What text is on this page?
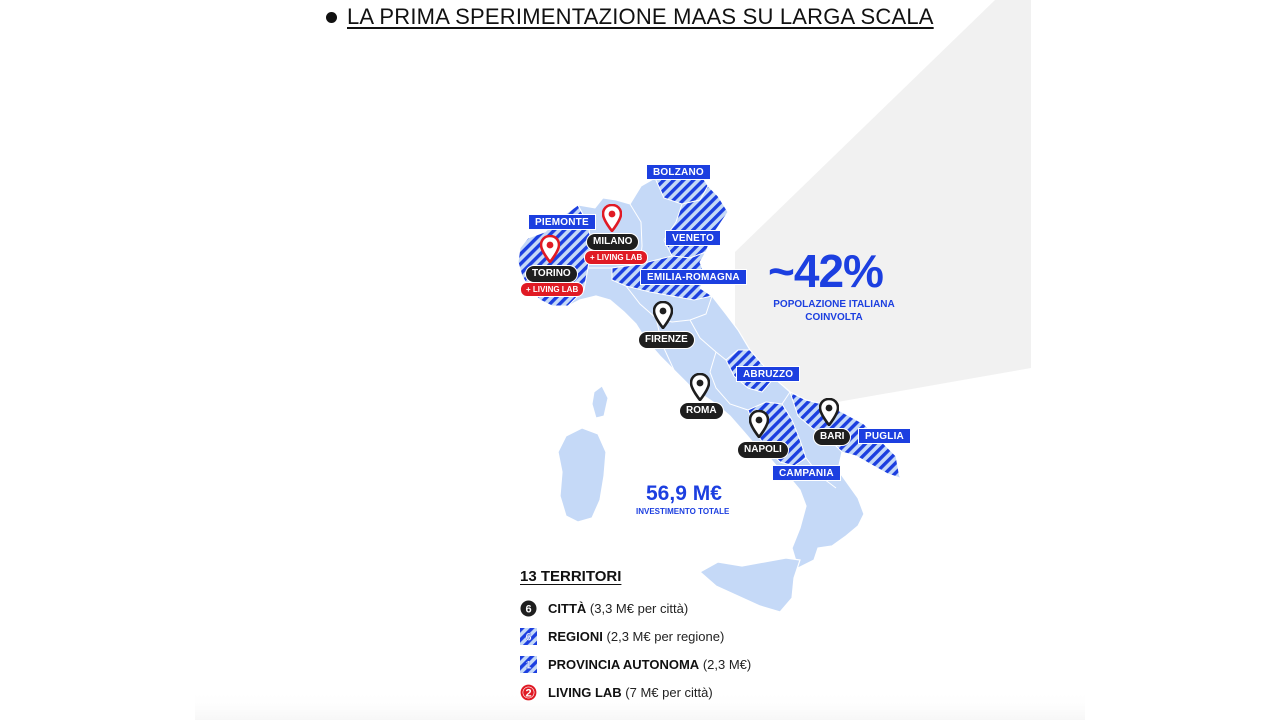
LA PRIMA SPERIMENTAZIONE MAAS SU LARGA SCALA
BOLZANO
PIEMONTE
VENETO
EMILIA-ROMAGNA
ABRUZZO
PUGLIA
CAMPANIA
MILANO
+ LIVING LAB
TORINO
+ LIVING LAB
FIRENZE
ROMA
NAPOLI
BARI
~42%
POPOLAZIONE ITALIANA
COINVOLTA
56,9 M€
INVESTIMENTO TOTALE
13 TERRITORI
6 CITTÀ (3,3 M€ per città)
6 REGIONI (2,3 M€ per regione)
1 PROVINCIA AUTONOMA (2,3 M€)
2 LIVING LAB (7 M€ per città)
